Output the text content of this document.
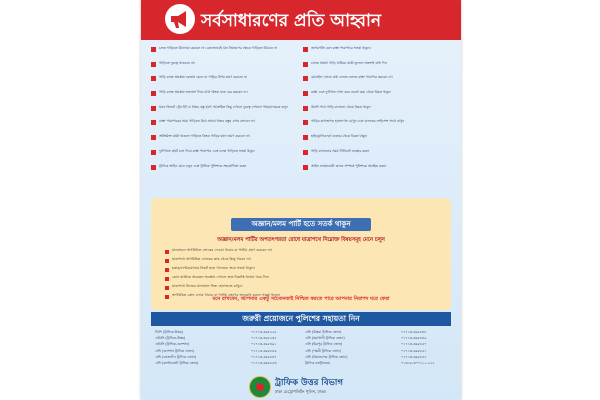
সর্বসাধারণের প্রতি আহ্বান
চলন্ত গাড়িতে উঠানামা করবেন না। কোনভাবেই যান নিয়ন্ত্রণের ক্ষেত্রে গাড়িতে উঠবেন না
গাড়িতে দুরত্বে থাকবেন না।
গাড়ি চলন্ত অবস্থায় দরজায় হেলে বা গাড়ির উপর ভ্রমণ করবেন না
গাড়ি চলন্ত অবস্থায় জানালা দিয়ে মাথা কিংবা হাত বের করবেন না।
যানে তিনটে ট্রেন ইট বা ধাতব বস্তু হঠাৎ আক্রমিত কিছু দেখলে দুরত্বে দেখালে পাহারাদারকে বলুন
রাস্তা পারাপারের সময় গাড়িতে উঠে অথবা ধাতব বস্তুর ওপর বসবেন না।
অতিরিক্ত যাত্রী থাকলে গাড়িতে কিংবা গাড়ির ছাদে ভ্রমণ করবেন না।
ফুটপাতে হেঁটে চলা দিয়ে রাস্তা পারাপার এবং চলন্ত গাড়িতে সতর্ক থাকুন
ট্রাফিক আইন মেনে চলুন এবং ট্রাফিক পুলিশকে সহযোগিতা করুন
জাগরণতি বলে রাস্তা পারাপারে সতর্ক থাকুন।
চালক অযথা গাড়ি থামিয়ে যাত্রী তুললে অবশ্যই বাধা দিন
মোবাইল ফোনে কথা বলতে বলতে রাস্তা পারাপার করবেন না।
রাস্তা এবং ফুটপাত দখল করে ব্যবসা করা থেকে বিরত থাকুন
উল্টো পথে গাড়ি চালানো থেকে বিরত থাকুন
গাড়ির কাগজপত্র হালনাগাদ রাখুন এবং চালকের লাইসেন্স সাথে রাখুন
হাইড্রোলিক হর্ন ব্যবহার থেকে বিরত থাকুন
গাড়ি চালানোর সময় সিটবেল্ট ব্যবহার করুন
আইন লঙ্ঘনকারী চালক সম্পর্কে পুলিশকে অবহিত করুন
অজ্ঞান/মলম পার্টি হতে সতর্ক থাকুন
অজ্ঞান/মলম পার্টির অপতৎপরতা রোধে যাত্রাপথে নিম্নোক্ত বিষয়সমূহ মেনে চলুন
যানবাহনে অপরিচিত লোকের দেওয়া খাবার বা পানীয় গ্রহণ করবেন না।
যাত্রাপথে অপরিচিত লোকের কাছ থেকে কিছু খাবেন না।
হকার/ফেরিওয়ালার নিকট হতে খাদ্যদ্রব্য ক্রয়ে সতর্ক থাকুন।
কোন যাত্রীকে অচেতন অবস্থায় দেখলে দ্রুত নিকটস্থ থানায় খবর দিন।
যাত্রাপথে নিজের মালামাল নিজ হেফাজতে রাখুন।
অপরিচিত কোন লোক খাবার বা পানীয় গ্রহণের অনুরোধ করলে সতর্ক থাকুন।
মনে রাখবেন, আপনার একটু সচেতনতাই নিশ্চিত করতে পারে আপনার নিরাপদ ঘরে ফেরা
জরুরী প্রয়োজনে পুলিশের সহায়তা নিন
ডিসি (ট্রাফিক-উত্তর)	০১৭১৩-৩৯৮২২৫	এসি (উত্তরা ট্রাফিক জোন)	০১৭১৩-৩৯৮৮৪৮
এডিসি (ট্রাফিক-উত্তর)	০১৭১৩-৩৯৮২৩২	এসি (মহাখালী ট্রাফিক জোন)	০১৭১৩-৩৯৮৮৪৯
এডিসি (ট্রাফিক-গুলশান)	০১৭১৩-৩৯৮৪৯১	এসি (মিরপুর ট্রাফিক জোন)	০১৭১৩-৩৯৮৮৫০
এসি (গুলশান ট্রাফিক জোন)	০১৭১৩-৩৯৮৮৪৬	এসি (পল্লবী ট্রাফিক জোন)	০১৭১৩-৩৯৮৮৫১
এসি (তেজগাঁও ট্রাফিক জোন)	০১৭১৩-৩৯৮৮৪৭	এসি (বিমানবন্দর ট্রাফিক জোন)	০১৭১৩-৩৯৮৮৫২
এসি (ক্যান্টনমেন্ট ট্রাফিক জোন)	০১৭১৩-৩৯৮৮৫৩	ট্রাফিক কন্ট্রোলরুম	০১৩১৮-৩০০১১১-২২২
ট্রাফিক উত্তর বিভাগ
ঢাকা মেট্রোপলিটন পুলিশ, ঢাকা।
